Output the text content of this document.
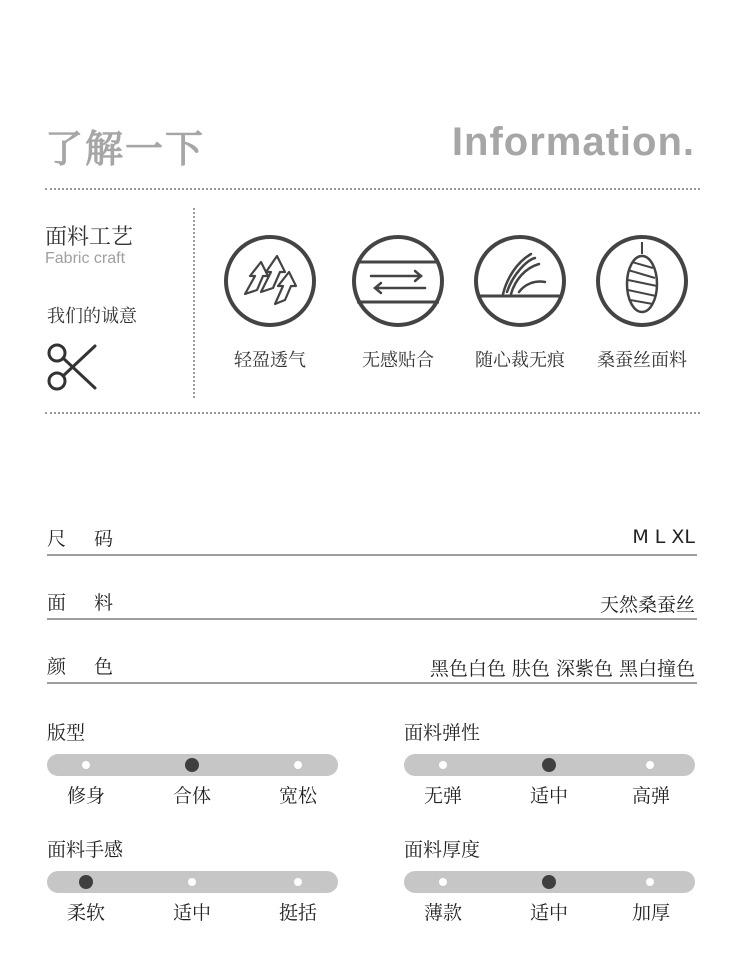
了解一下	Information.
面料工艺
Fabric craft
我们的诚意
轻盈透气	无感贴合	随心裁无痕 桑蚕丝面料
尺码	M L XL
面料	天然桑蚕丝
颜色	黑色白色 肤色 深紫色 黑白撞色
版型
修身	合体	宽松
面料弹性
无弹	适中	高弹
面料手感
柔软	适中	挺括
面料厚度
薄款	适中	加厚
